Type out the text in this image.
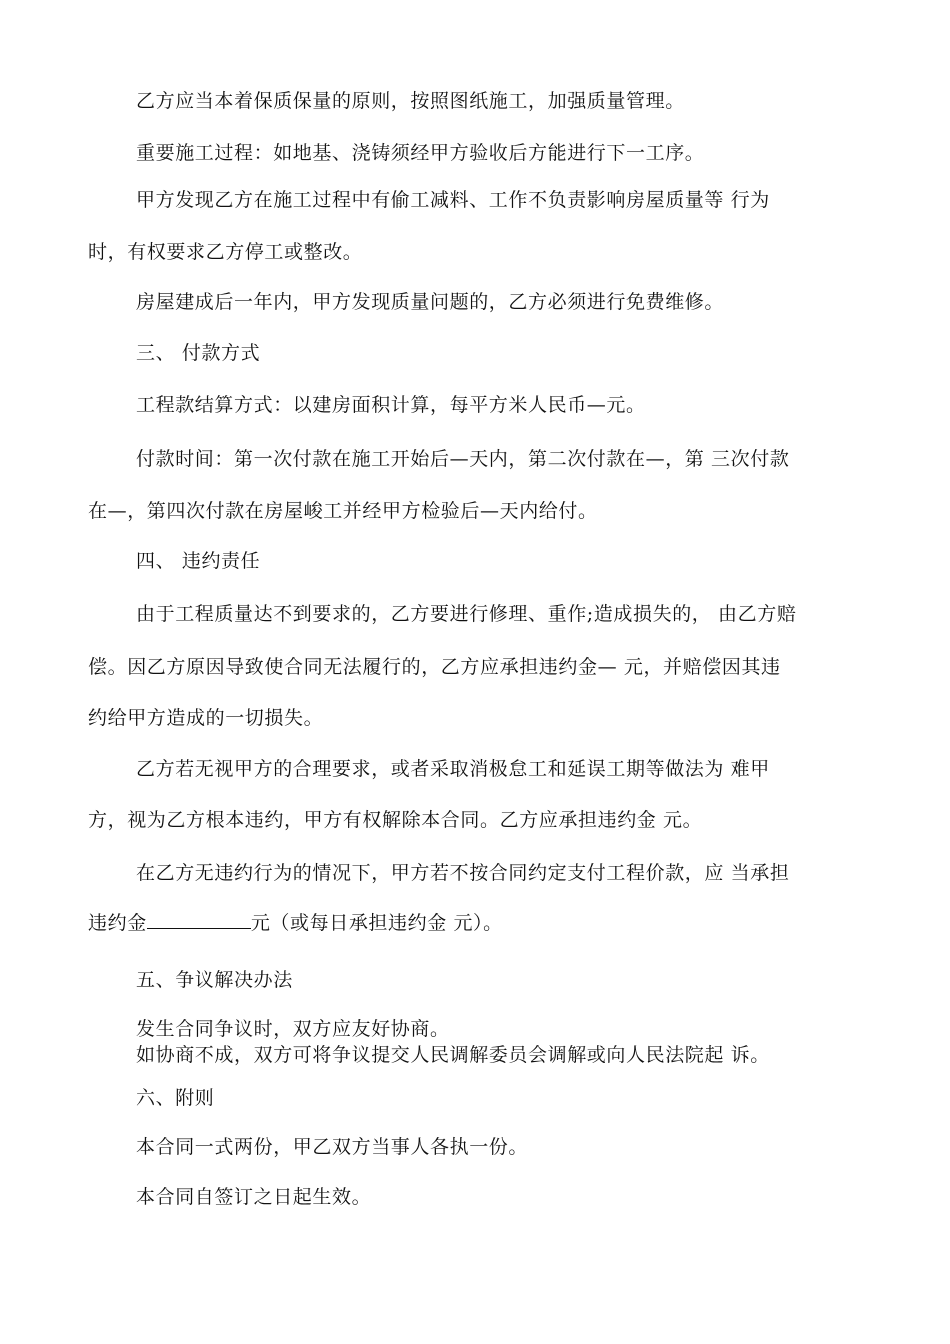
乙方应当本着保质保量的原则，按照图纸施工，加强质量管理。
重要施工过程：如地基、浇铸须经甲方验收后方能进行下一工序。
甲方发现乙方在施工过程中有偷工减料、工作不负责影响房屋质量等 行为
时，有权要求乙方停工或整改。
房屋建成后一年内，甲方发现质量问题的，乙方必须进行免费维修。
三、 付款方式
工程款结算方式：以建房面积计算，每平方米人民币—元。
付款时间：第一次付款在施工开始后—天内，第二次付款在—，第 三次付款
在—，第四次付款在房屋峻工并经甲方检验后—天内给付。
四、 违约责任
由于工程质量达不到要求的，乙方要进行修理、重作;造成损失的， 由乙方赔
偿。因乙方原因导致使合同无法履行的，乙方应承担违约金— 元，并赔偿因其违
约给甲方造成的一切损失。
乙方若无视甲方的合理要求，或者采取消极怠工和延误工期等做法为 难甲
方，视为乙方根本违约，甲方有权解除本合同。乙方应承担违约金 元。
在乙方无违约行为的情况下，甲方若不按合同约定支付工程价款，应 当承担
违约金	元（或每日承担违约金 元）。
五、争议解决办法
发生合同争议时，双方应友好协商。
如协商不成，双方可将争议提交人民调解委员会调解或向人民法院起 诉。
六、附则
本合同一式两份，甲乙双方当事人各执一份。
本合同自签订之日起生效。
